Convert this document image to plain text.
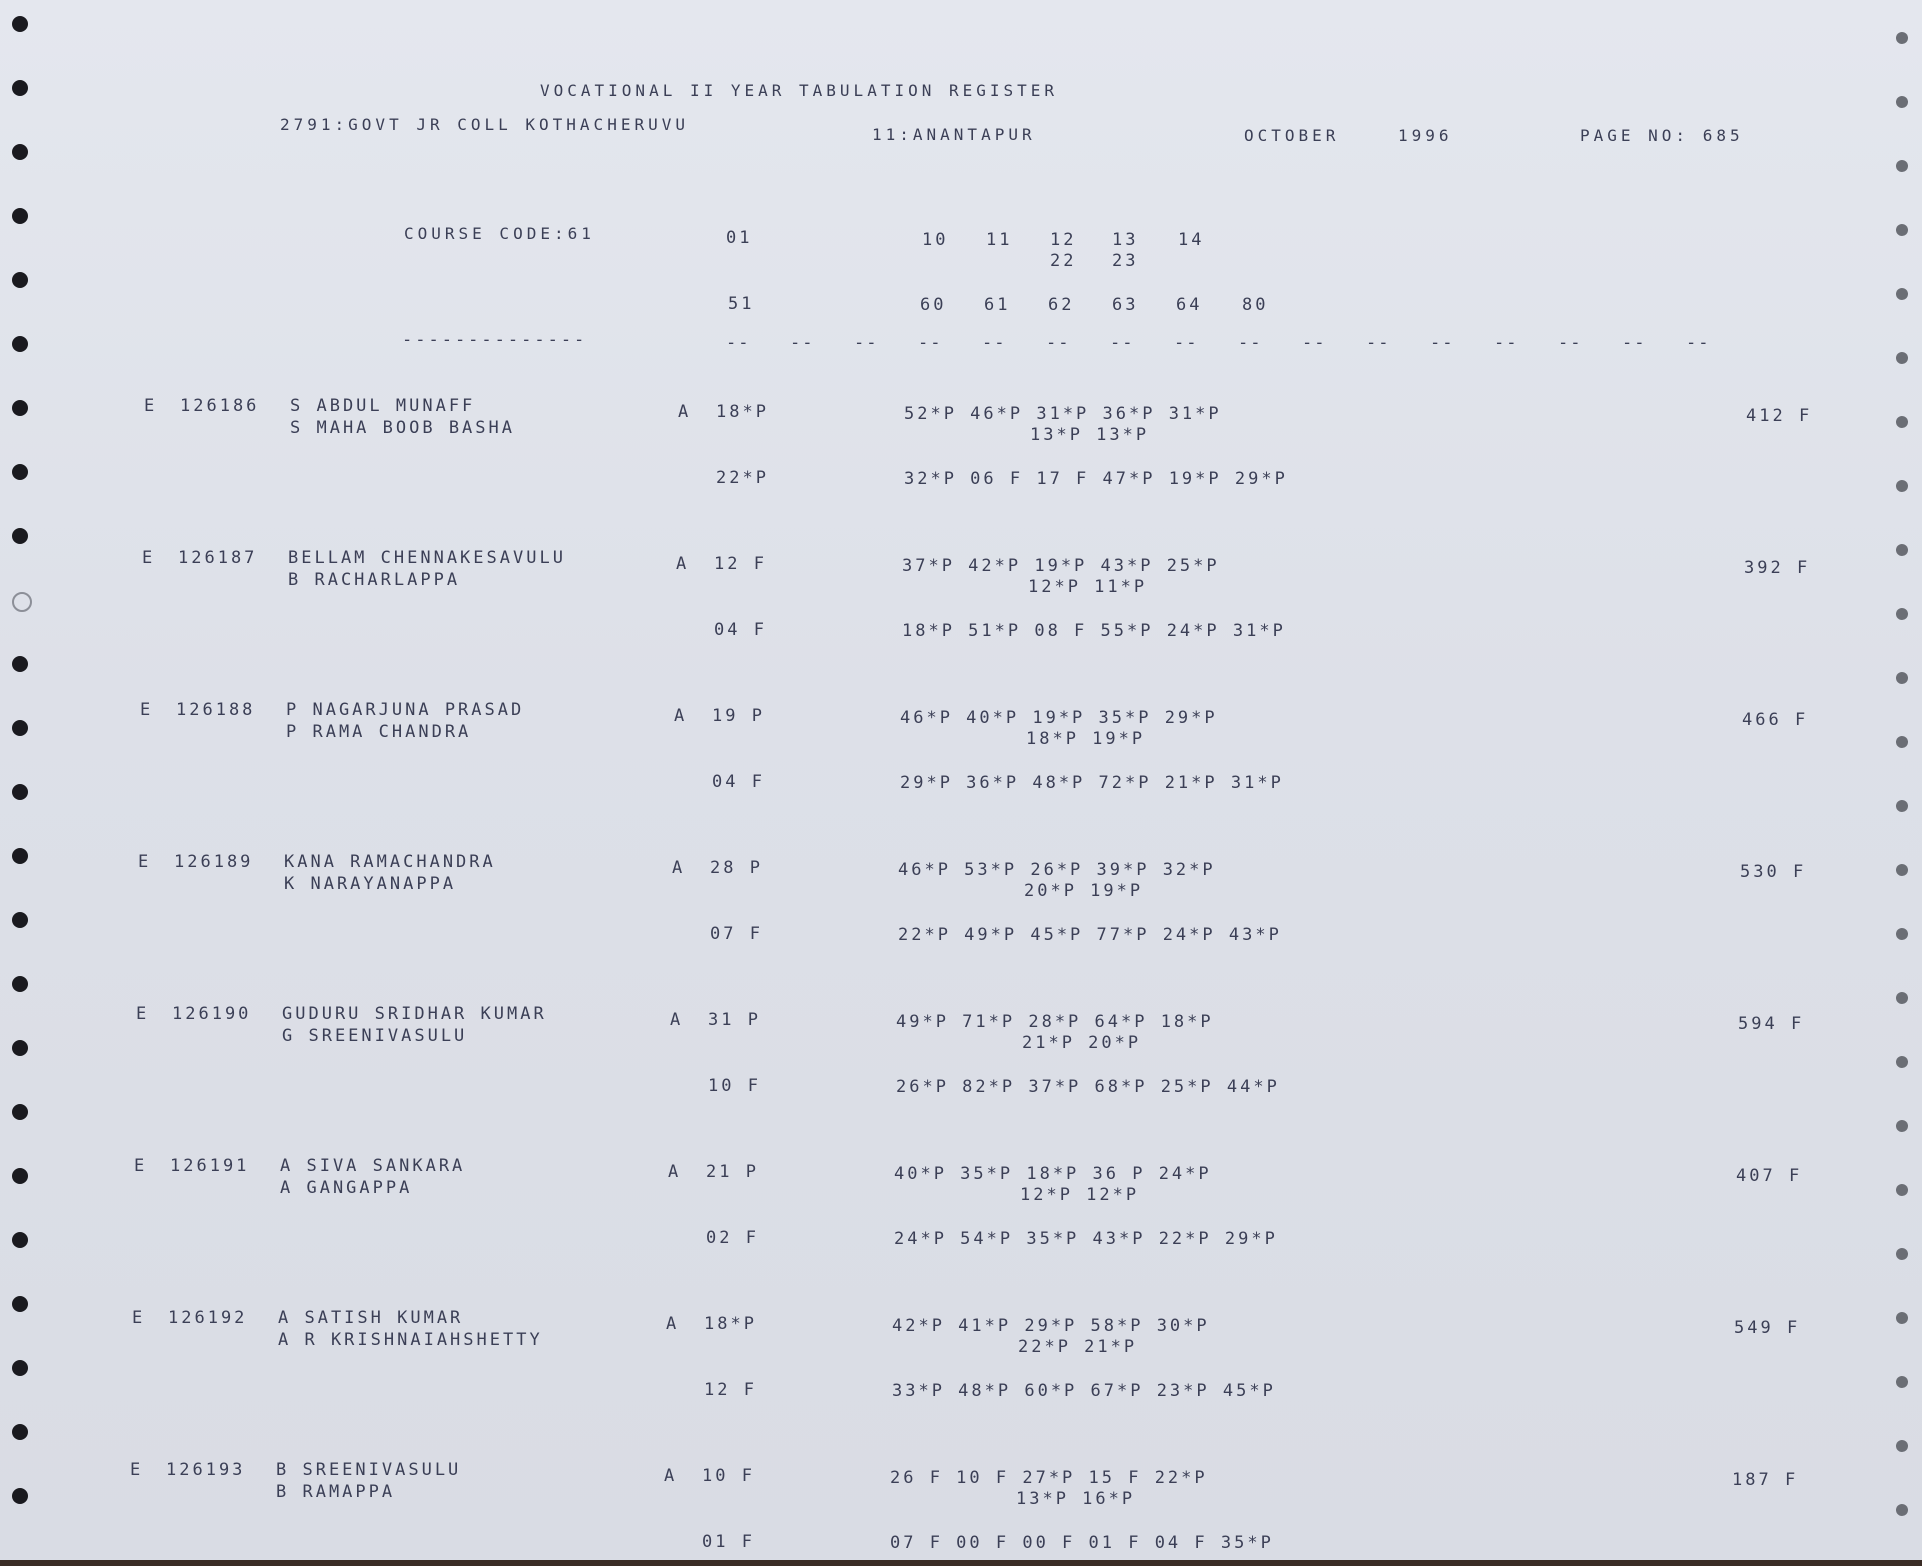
VOCATIONAL II YEAR TABULATION REGISTER
2791:GOVT JR COLL KOTHACHERUVU
11:ANANTAPUR	OCTOBER	1996	PAGE NO: 685
COURSE CODE:61	01	10 11 12 13 14
22 23
51	60 61 62 63 64 80
--------------	-- -- -- -- -- -- -- -- -- -- -- -- -- -- -- --
E 126186 S ABDUL MUNAFF
S MAHA BOOB BASHA
A 18*P	52*P 46*P 31*P 36*P 31*P
13*P 13*P
22*P	32*P 06 F 17 F 47*P 19*P 29*P
412 F
E 126187 BELLAM CHENNAKESAVULU
B RACHARLAPPA
A 12 F	37*P 42*P 19*P 43*P 25*P
12*P 11*P
04 F	18*P 51*P 08 F 55*P 24*P 31*P
392 F
E 126188 P NAGARJUNA PRASAD
P RAMA CHANDRA
A 19 P	46*P 40*P 19*P 35*P 29*P
18*P 19*P
04 F	29*P 36*P 48*P 72*P 21*P 31*P
466 F
E 126189 KANA RAMACHANDRA
K NARAYANAPPA
A 28 P	46*P 53*P 26*P 39*P 32*P
20*P 19*P
07 F	22*P 49*P 45*P 77*P 24*P 43*P
530 F
E 126190 GUDURU SRIDHAR KUMAR
G SREENIVASULU
A 31 P	49*P 71*P 28*P 64*P 18*P
21*P 20*P
10 F	26*P 82*P 37*P 68*P 25*P 44*P
594 F
E 126191 A SIVA SANKARA
A GANGAPPA
A 21 P	40*P 35*P 18*P 36 P 24*P
12*P 12*P
02 F	24*P 54*P 35*P 43*P 22*P 29*P
407 F
E 126192 A SATISH KUMAR
A R KRISHNAIAHSHETTY
A 18*P	42*P 41*P 29*P 58*P 30*P
22*P 21*P
12 F	33*P 48*P 60*P 67*P 23*P 45*P
549 F
E 126193 B SREENIVASULU
B RAMAPPA
A 10 F	26 F 10 F 27*P 15 F 22*P
13*P 16*P
01 F	07 F 00 F 00 F 01 F 04 F 35*P
187 F
